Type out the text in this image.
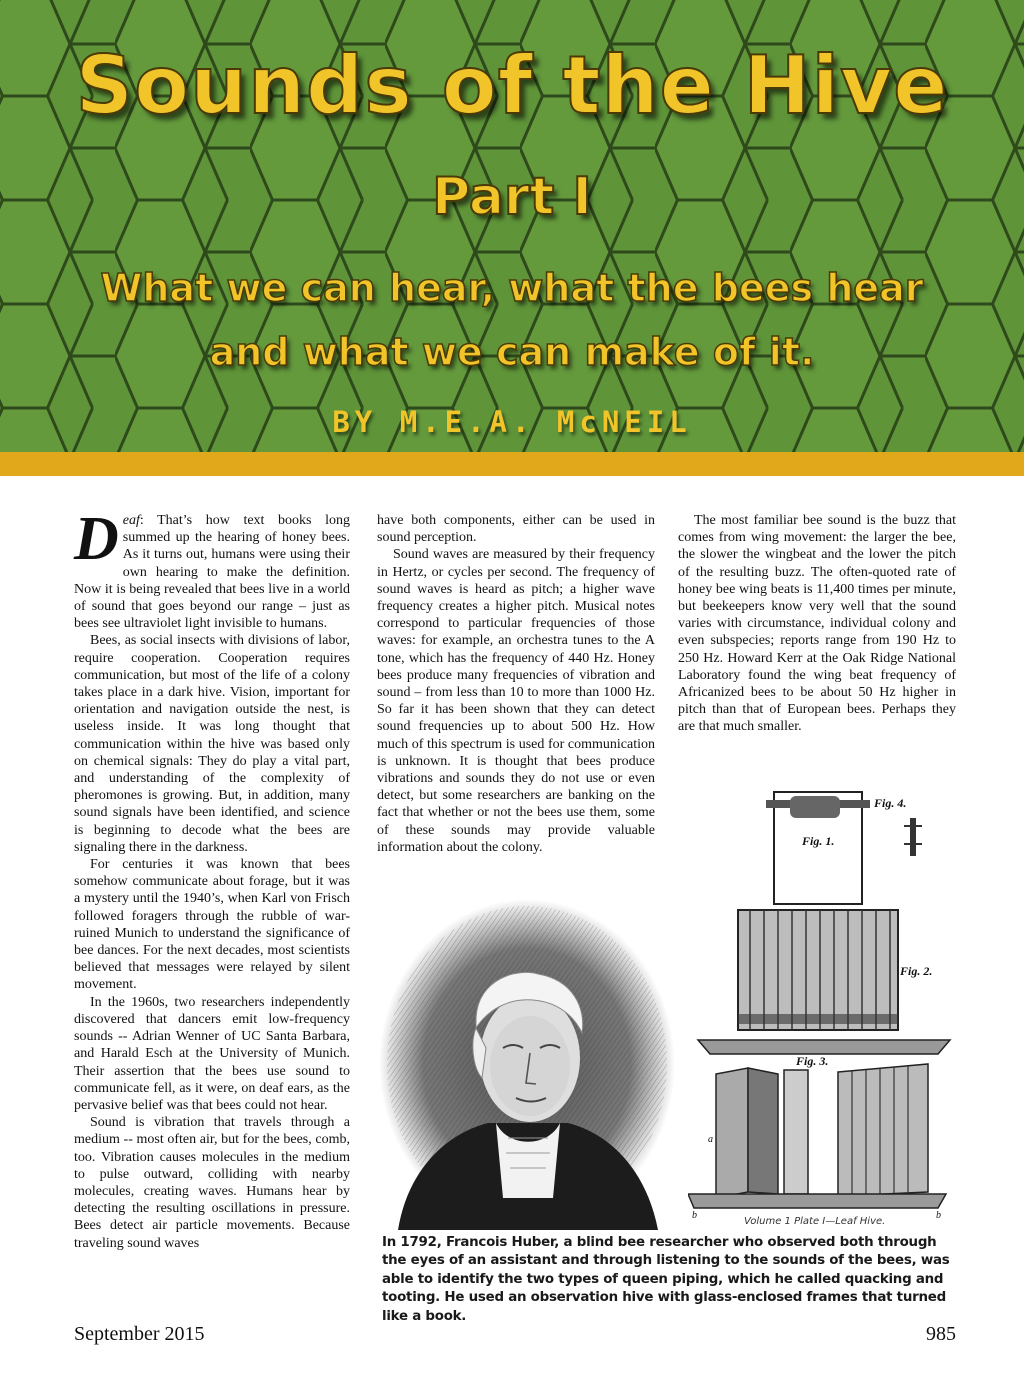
Sounds of the Hive
Part I
What we can hear, what the bees hear
and what we can make of it.
BY M.E.A. McNEIL

Deaf: That’s how text books long summed up the hearing of honey bees. As it turns out, humans were using their own hearing to make the definition. Now it is being revealed that bees live in a world of sound that goes beyond our range – just as bees see ultraviolet light invisible to humans.

Bees, as social insects with divisions of labor, require cooperation. Cooperation requires communication, but most of the life of a colony takes place in a dark hive. Vision, important for orientation and navigation outside the nest, is useless inside. It was long thought that communication within the hive was based only on chemical signals: They do play a vital part, and understanding of the complexity of pheromones is growing. But, in addition, many sound signals have been identified, and science is beginning to decode what the bees are signaling there in the darkness.

For centuries it was known that bees somehow communicate about forage, but it was a mystery until the 1940’s, when Karl von Frisch followed foragers through the rubble of war-ruined Munich to understand the significance of bee dances. For the next decades, most scientists believed that messages were relayed by silent movement.

In the 1960s, two researchers independently discovered that dancers emit low-frequency sounds -- Adrian Wenner of UC Santa Barbara, and Harald Esch at the University of Munich. Their assertion that the bees use sound to communicate fell, as it were, on deaf ears, as the pervasive belief was that bees could not hear.

Sound is vibration that travels through a medium -- most often air, but for the bees, comb, too. Vibration causes molecules in the medium to pulse outward, colliding with nearby molecules, creating waves. Humans hear by detecting the resulting oscillations in pressure. Bees detect air particle movements. Because traveling sound waves

have both components, either can be used in sound perception.

Sound waves are measured by their frequency in Hertz, or cycles per second. The frequency of sound waves is heard as pitch; a higher wave frequency creates a higher pitch. Musical notes correspond to particular frequencies of those waves: for example, an orchestra tunes to the A tone, which has the frequency of 440 Hz. Honey bees produce many frequencies of vibration and sound – from less than 10 to more than 1000 Hz. So far it has been shown that they can detect sound frequencies up to about 500 Hz. How much of this spectrum is used for communication is unknown. It is thought that bees produce vibrations and sounds they do not use or even detect, but some researchers are banking on the fact that whether or not the bees use them, some of these sounds may provide valuable information about the colony.

The most familiar bee sound is the buzz that comes from wing movement: the larger the bee, the slower the wingbeat and the lower the pitch of the resulting buzz. The often-quoted rate of honey bee wing beats is 11,400 times per minute, but beekeepers know very well that the sound varies with circumstance, individual colony and even subspecies; reports range from 190 Hz to 250 Hz. Howard Kerr at the Oak Ridge National Laboratory found the wing beat frequency of Africanized bees to be about 50 Hz higher in pitch than that of European bees. Perhaps they are that much smaller.

Fig. 1.
Fig. 4.
Fig. 2.
Fig. 3.
a
b	b
Volume 1 Plate I—Leaf Hive.

In 1792, Francois Huber, a blind bee researcher who observed both through the eyes of an assistant and through listening to the sounds of the bees, was able to identify the two types of queen piping, which he called quacking and tooting. He used an observation hive with glass-enclosed frames that turned like a book.

September 2015	985
